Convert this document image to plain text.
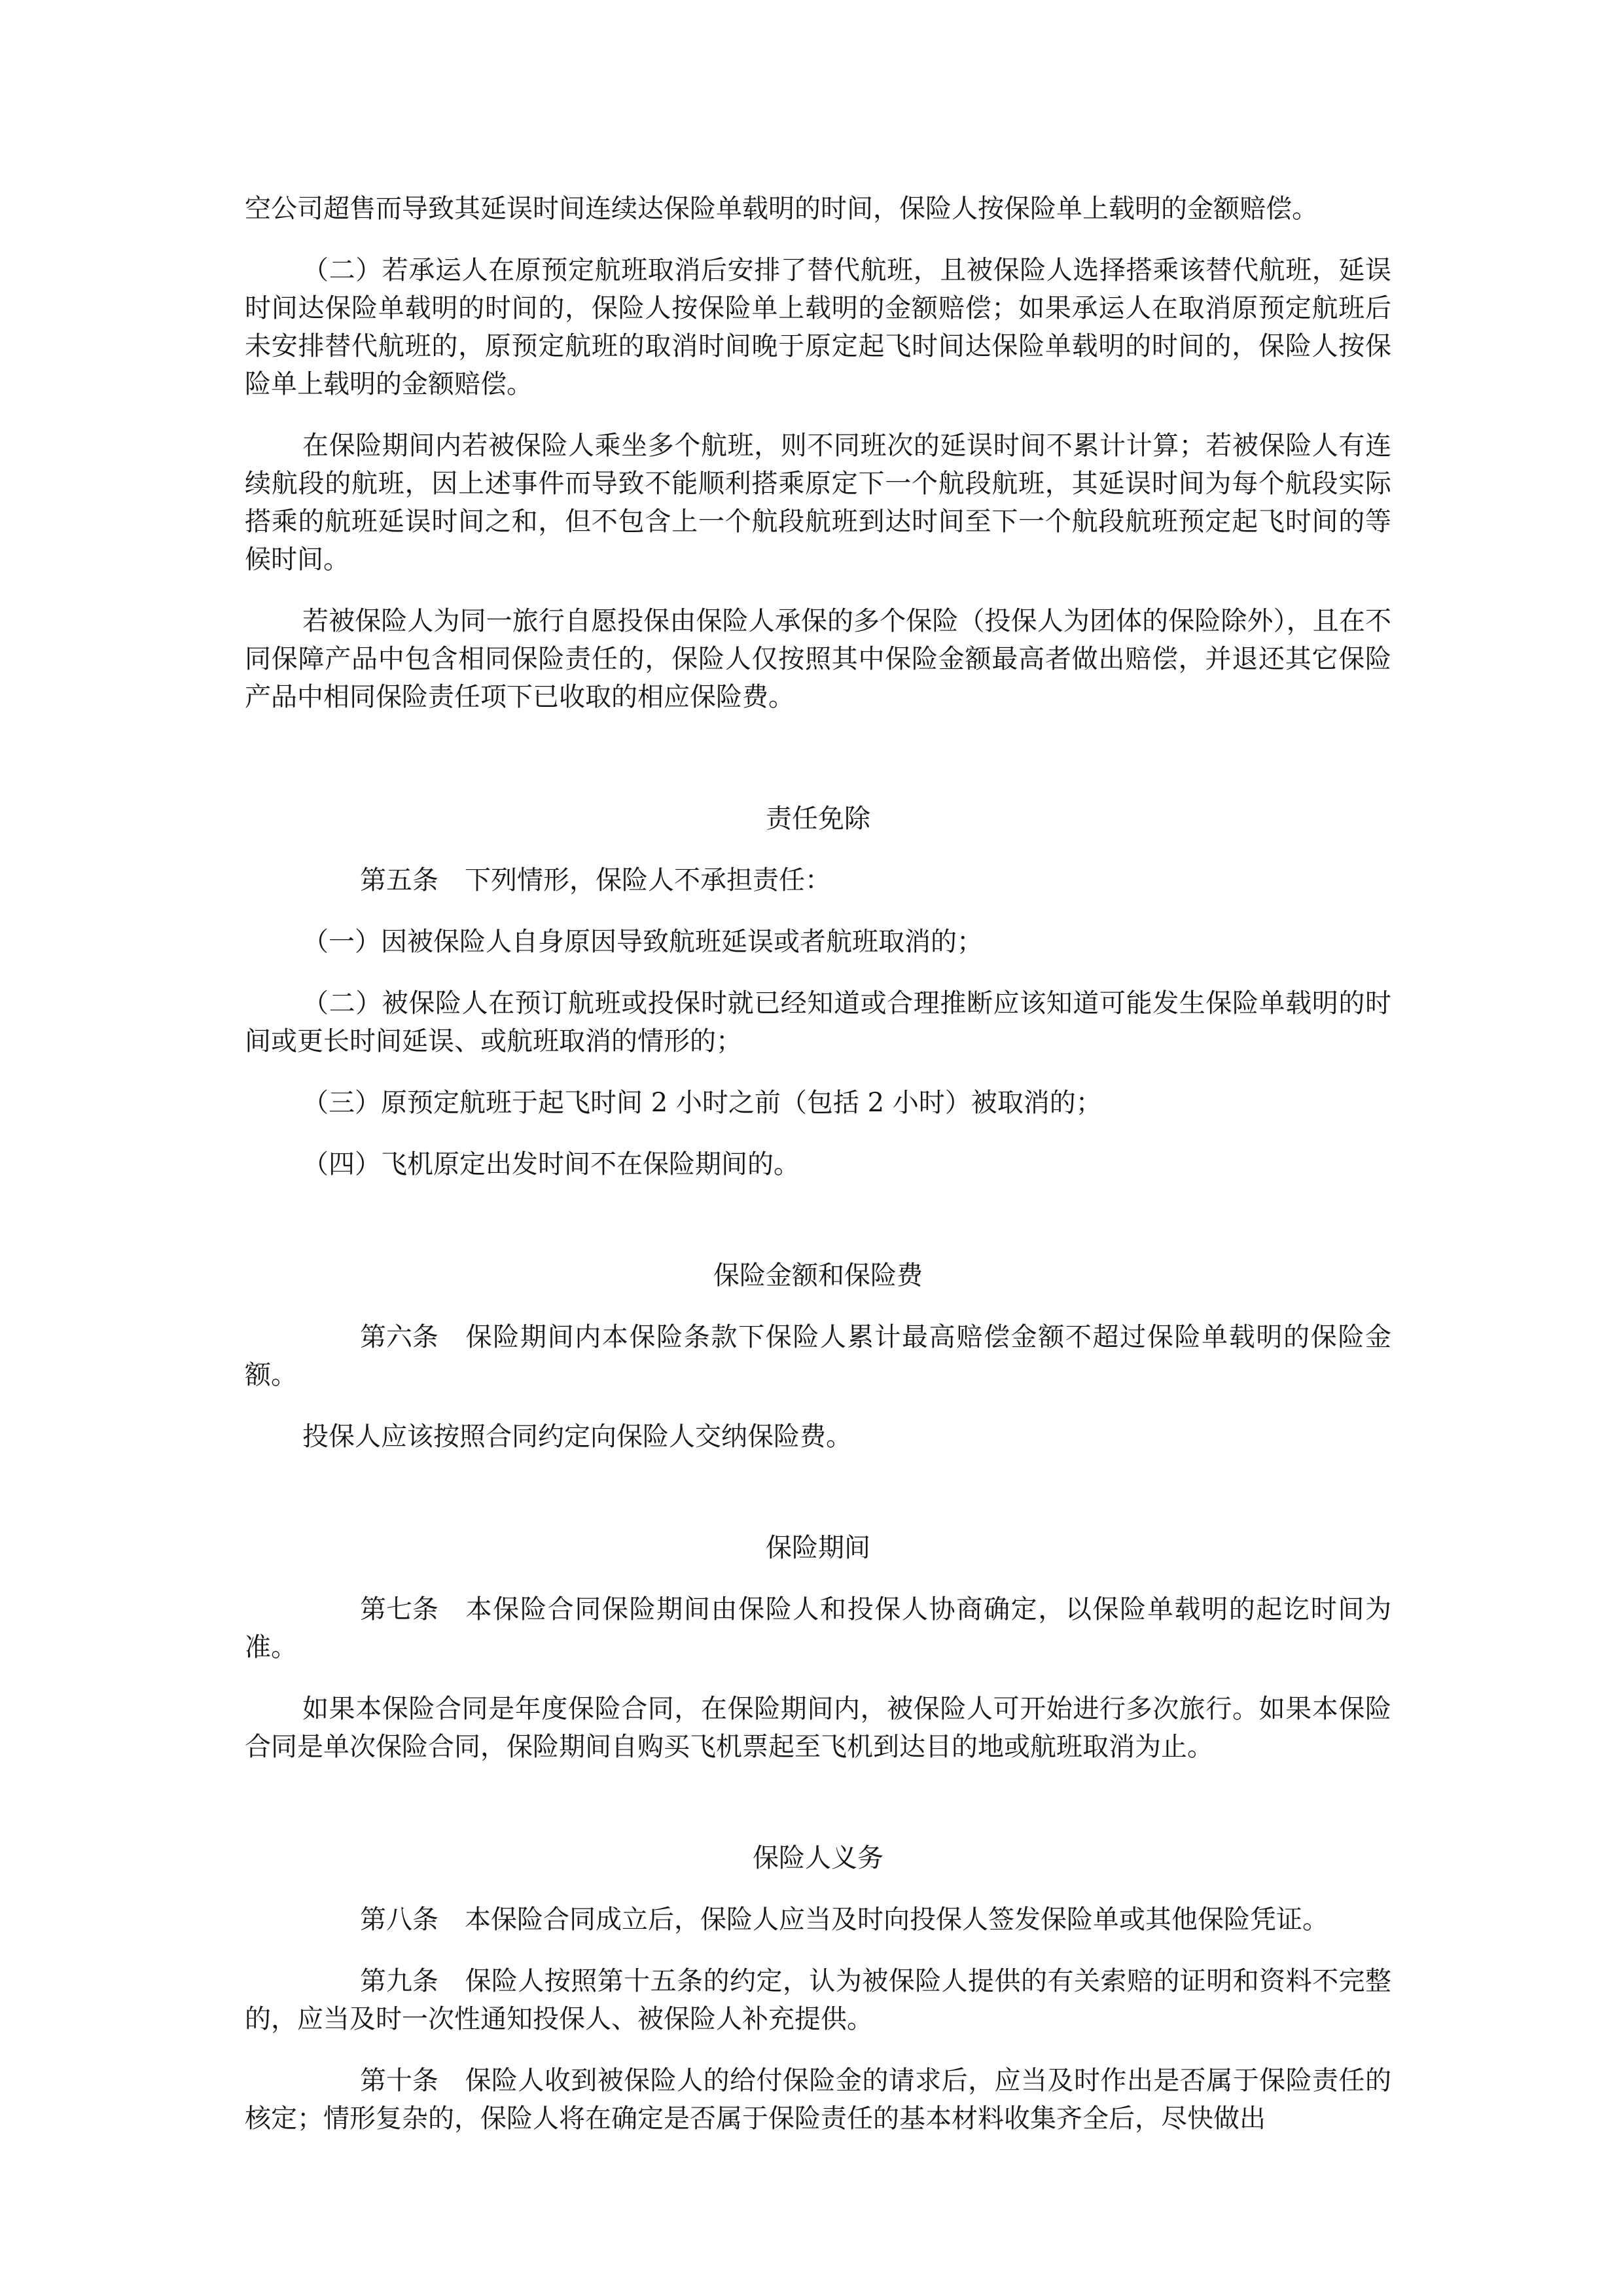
空公司超售而导致其延误时间连续达保险单载明的时间，保险人按保险单上载明的金额赔偿。

（二）若承运人在原预定航班取消后安排了替代航班，且被保险人选择搭乘该替代航班，延误时间达保险单载明的时间的，保险人按保险单上载明的金额赔偿；如果承运人在取消原预定航班后未安排替代航班的，原预定航班的取消时间晚于原定起飞时间达保险单载明的时间的，保险人按保险单上载明的金额赔偿。

在保险期间内若被保险人乘坐多个航班，则不同班次的延误时间不累计计算；若被保险人有连续航段的航班，因上述事件而导致不能顺利搭乘原定下一个航段航班，其延误时间为每个航段实际搭乘的航班延误时间之和，但不包含上一个航段航班到达时间至下一个航段航班预定起飞时间的等候时间。

若被保险人为同一旅行自愿投保由保险人承保的多个保险（投保人为团体的保险除外），且在不同保障产品中包含相同保险责任的，保险人仅按照其中保险金额最高者做出赔偿，并退还其它保险产品中相同保险责任项下已收取的相应保险费。

责任免除

第五条 下列情形，保险人不承担责任：

（一）因被保险人自身原因导致航班延误或者航班取消的；

（二）被保险人在预订航班或投保时就已经知道或合理推断应该知道可能发生保险单载明的时间或更长时间延误、或航班取消的情形的；

（三）原预定航班于起飞时间 2 小时之前（包括 2 小时）被取消的；

（四）飞机原定出发时间不在保险期间的。

保险金额和保险费

第六条 保险期间内本保险条款下保险人累计最高赔偿金额不超过保险单载明的保险金额。

投保人应该按照合同约定向保险人交纳保险费。

保险期间

第七条 本保险合同保险期间由保险人和投保人协商确定，以保险单载明的起讫时间为准。

如果本保险合同是年度保险合同，在保险期间内，被保险人可开始进行多次旅行。如果本保险合同是单次保险合同，保险期间自购买飞机票起至飞机到达目的地或航班取消为止。

保险人义务

第八条 本保险合同成立后，保险人应当及时向投保人签发保险单或其他保险凭证。

第九条 保险人按照第十五条的约定，认为被保险人提供的有关索赔的证明和资料不完整的，应当及时一次性通知投保人、被保险人补充提供。

第十条 保险人收到被保险人的给付保险金的请求后，应当及时作出是否属于保险责任的核定；情形复杂的，保险人将在确定是否属于保险责任的基本材料收集齐全后，尽快做出
